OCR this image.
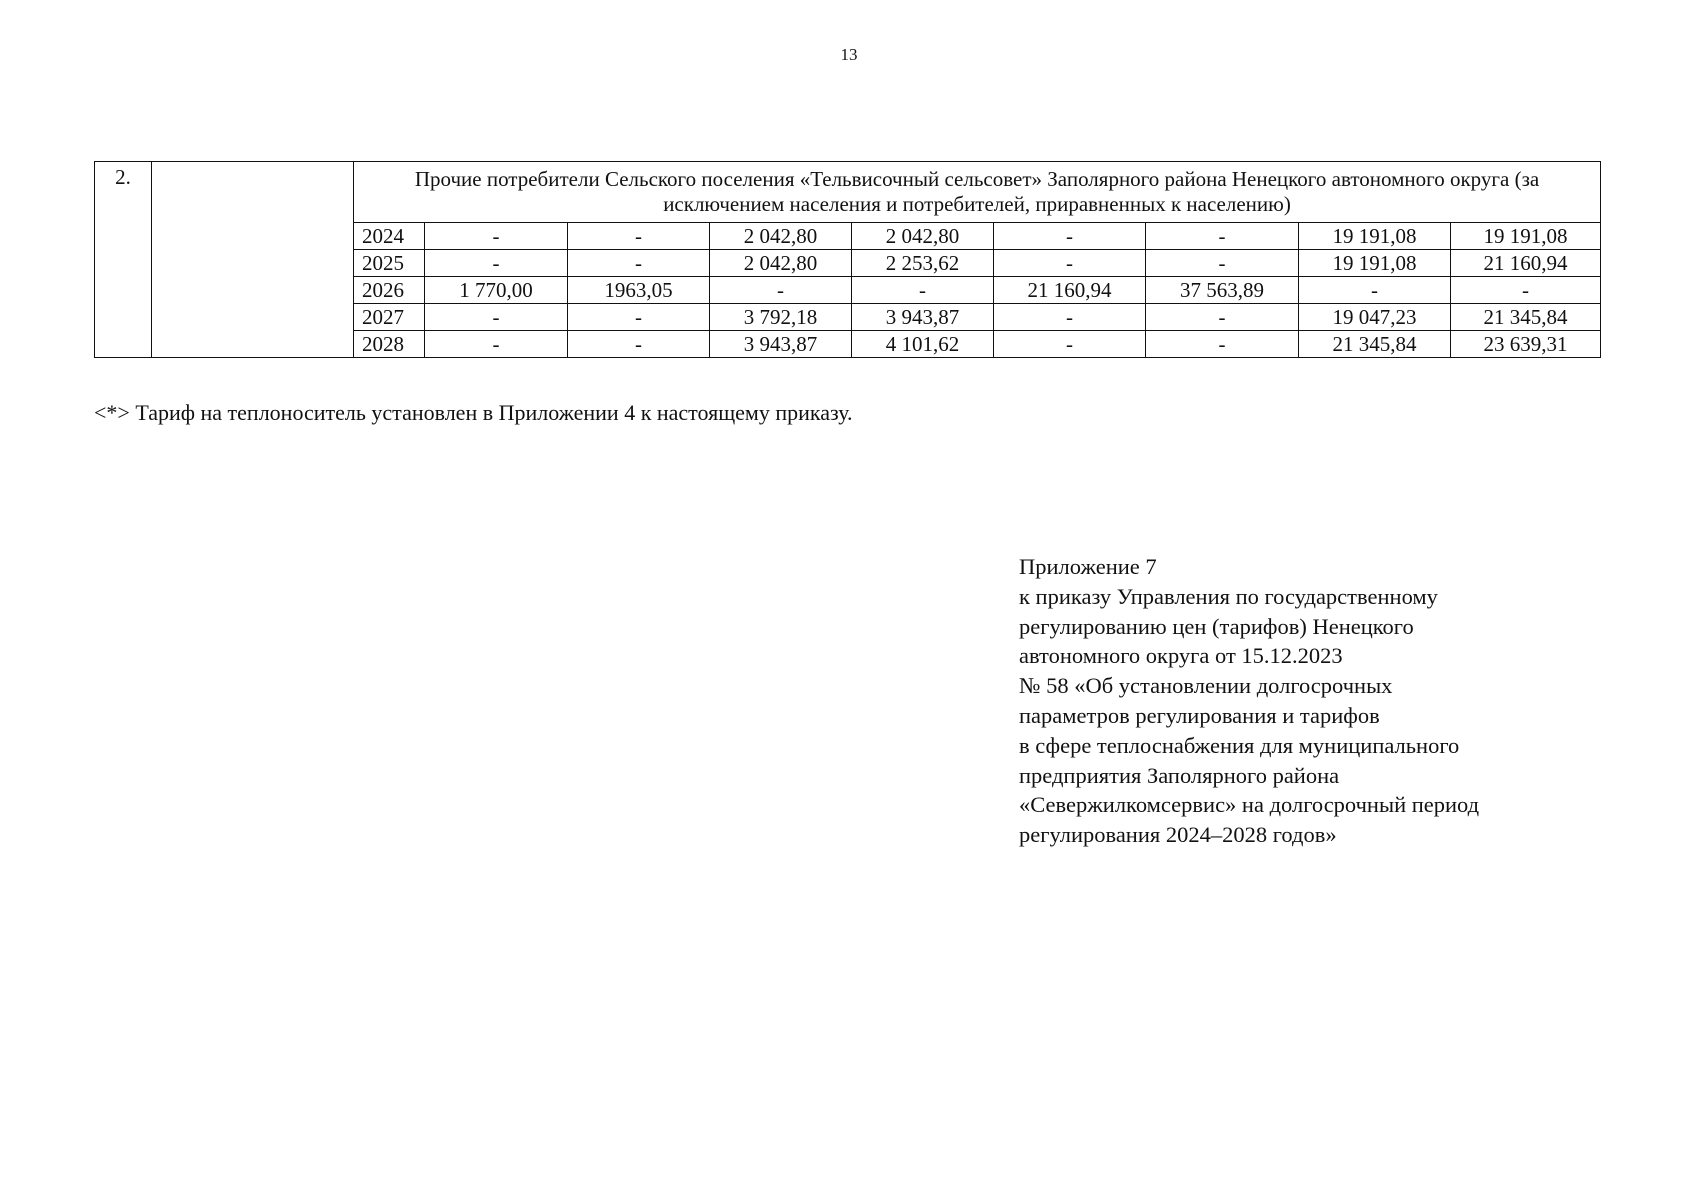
13
2.		Прочие потребители Сельского поселения «Тельвисочный сельсовет» Заполярного района Ненецкого автономного округа (за исключением населения и потребителей, приравненных к населению)								
		2024	-	-	2 042,80	2 042,80	-	-	19 191,08	19 191,08
		2025	-	-	2 042,80	2 253,62	-	-	19 191,08	21 160,94
		2026	1 770,00	1963,05	-	-	21 160,94	37 563,89	-	-
		2027	-	-	3 792,18	3 943,87	-	-	19 047,23	21 345,84
		2028	-	-	3 943,87	4 101,62	-	-	21 345,84	23 639,31
<*> Тариф на теплоноситель установлен в Приложении 4 к настоящему приказу.
Приложение 7
к приказу Управления по государственному
регулированию цен (тарифов) Ненецкого
автономного округа от 15.12.2023
№ 58 «Об установлении долгосрочных
параметров регулирования и тарифов
в сфере теплоснабжения для муниципального
предприятия Заполярного района
«Севержилкомсервис» на долгосрочный период
регулирования 2024–2028 годов»
